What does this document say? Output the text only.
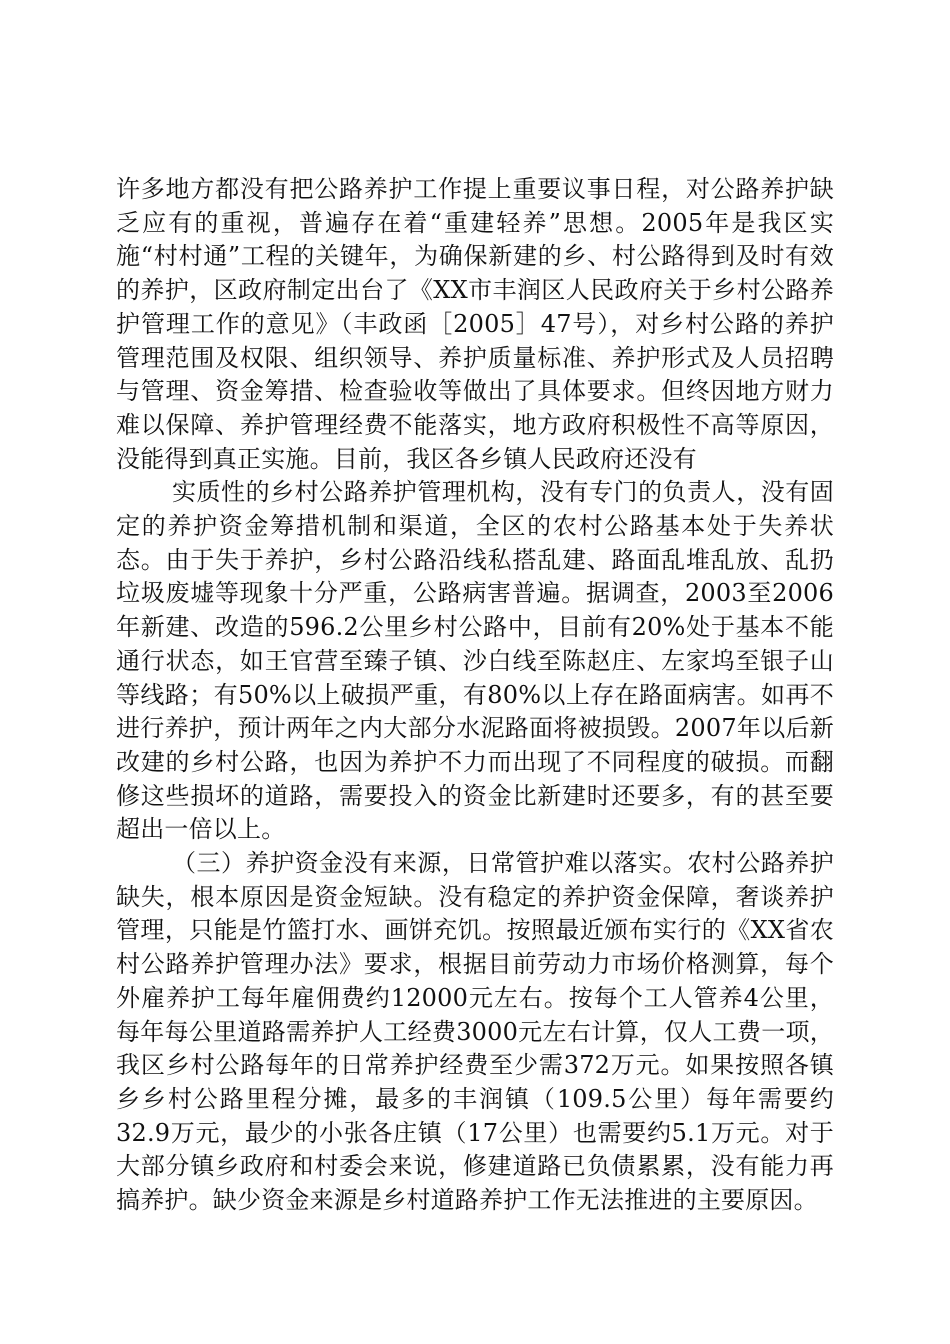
许多地方都没有把公路养护工作提上重要议事日程，对公路养护缺乏应有的重视，普遍存在着“重建轻养”思想。2005年是我区实施“村村通”工程的关键年，为确保新建的乡、村公路得到及时有效的养护，区政府制定出台了《XX市丰润区人民政府关于乡村公路养护管理工作的意见》（丰政函［2005］47号），对乡村公路的养护管理范围及权限、组织领导、养护质量标准、养护形式及人员招聘与管理、资金筹措、检查验收等做出了具体要求。但终因地方财力难以保障、养护管理经费不能落实，地方政府积极性不高等原因，没能得到真正实施。目前，我区各乡镇人民政府还没有

实质性的乡村公路养护管理机构，没有专门的负责人，没有固定的养护资金筹措机制和渠道，全区的农村公路基本处于失养状态。由于失于养护，乡村公路沿线私搭乱建、路面乱堆乱放、乱扔垃圾废墟等现象十分严重，公路病害普遍。据调查，2003至2006年新建、改造的596.2公里乡村公路中，目前有20%处于基本不能通行状态，如王官营至臻子镇、沙白线至陈赵庄、左家坞至银子山等线路；有50%以上破损严重，有80%以上存在路面病害。如再不进行养护，预计两年之内大部分水泥路面将被损毁。2007年以后新改建的乡村公路，也因为养护不力而出现了不同程度的破损。而翻修这些损坏的道路，需要投入的资金比新建时还要多，有的甚至要超出一倍以上。

（三）养护资金没有来源，日常管护难以落实。农村公路养护缺失，根本原因是资金短缺。没有稳定的养护资金保障，奢谈养护管理，只能是竹篮打水、画饼充饥。按照最近颁布实行的《XX省农村公路养护管理办法》要求，根据目前劳动力市场价格测算，每个外雇养护工每年雇佣费约12000元左右。按每个工人管养4公里，每年每公里道路需养护人工经费3000元左右计算，仅人工费一项，我区乡村公路每年的日常养护经费至少需372万元。如果按照各镇乡乡村公路里程分摊，最多的丰润镇（109.5公里）每年需要约32.9万元，最少的小张各庄镇（17公里）也需要约5.1万元。对于大部分镇乡政府和村委会来说，修建道路已负债累累，没有能力再搞养护。缺少资金来源是乡村道路养护工作无法推进的主要原因。
